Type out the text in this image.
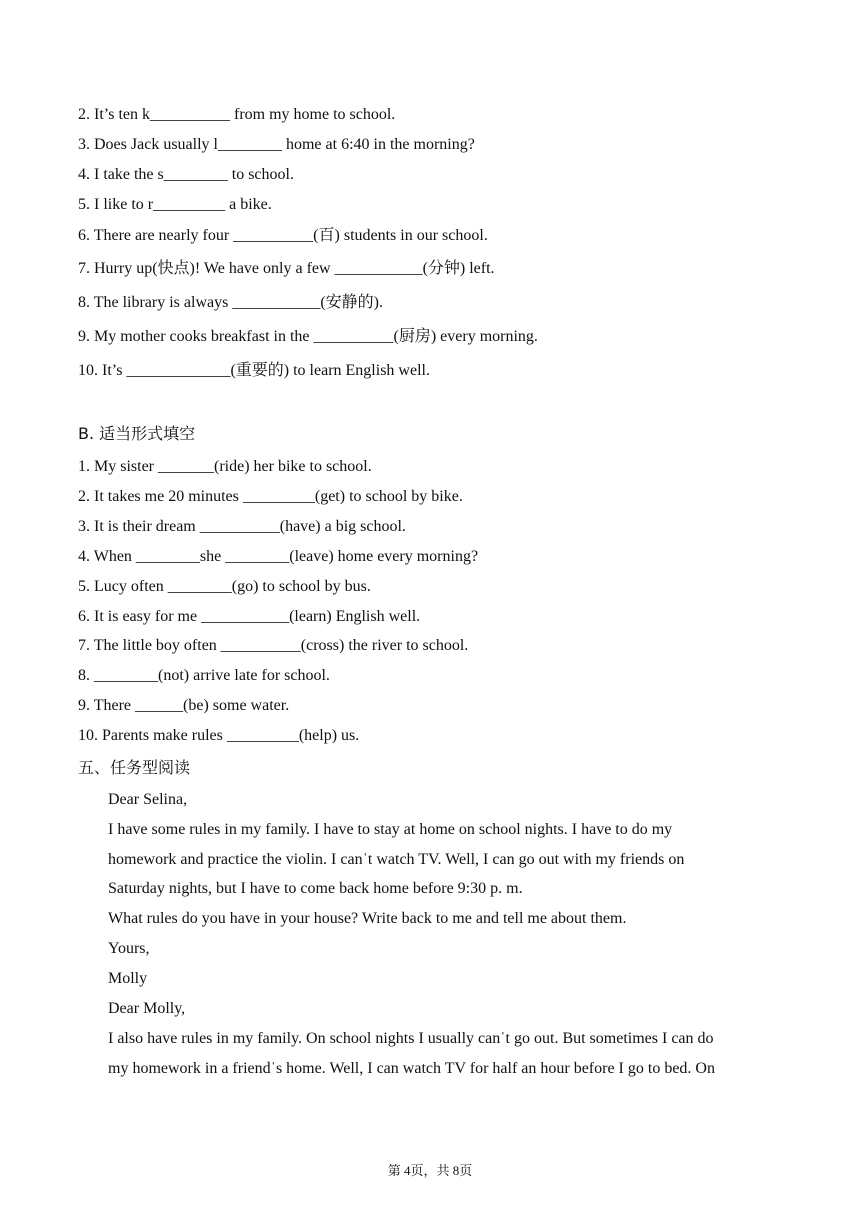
2. It’s ten k__________ from my home to school.
3. Does Jack usually l________ home at 6:40 in the morning?
4. I take the s________ to school.
5. I like to r_________ a bike.
6. There are nearly four __________(百) students in our school.
7. Hurry up(快点)! We have only a few ___________(分钟) left.
8. The library is always ___________(安静的).
9. My mother cooks breakfast in the __________(厨房) every morning.
10. It’s _____________(重要的) to learn English well.
B. 适当形式填空
1. My sister _______(ride) her bike to school.
2. It takes me 20 minutes _________(get) to school by bike.
3. It is their dream __________(have) a big school.
4. When ________she ________(leave) home every morning?
5. Lucy often ________(go) to school by bus.
6. It is easy for me ___________(learn) English well.
7. The little boy often __________(cross) the river to school.
8. ________(not) arrive late for school.
9. There ______(be) some water.
10. Parents make rules _________(help) us.
五、任务型阅读
Dear Selina,
I have some rules in my family. I have to stay at home on school nights. I have to do my
homework and practice the violin. I canˈt watch TV. Well, I can go out with my friends on
Saturday nights, but I have to come back home before 9:30 p. m.
What rules do you have in your house? Write back to me and tell me about them.
Yours,
Molly
Dear Molly,
I also have rules in my family. On school nights I usually canˈt go out. But sometimes I can do
my homework in a friendˈs home. Well, I can watch TV for half an hour before I go to bed. On
第 4页，共 8页
